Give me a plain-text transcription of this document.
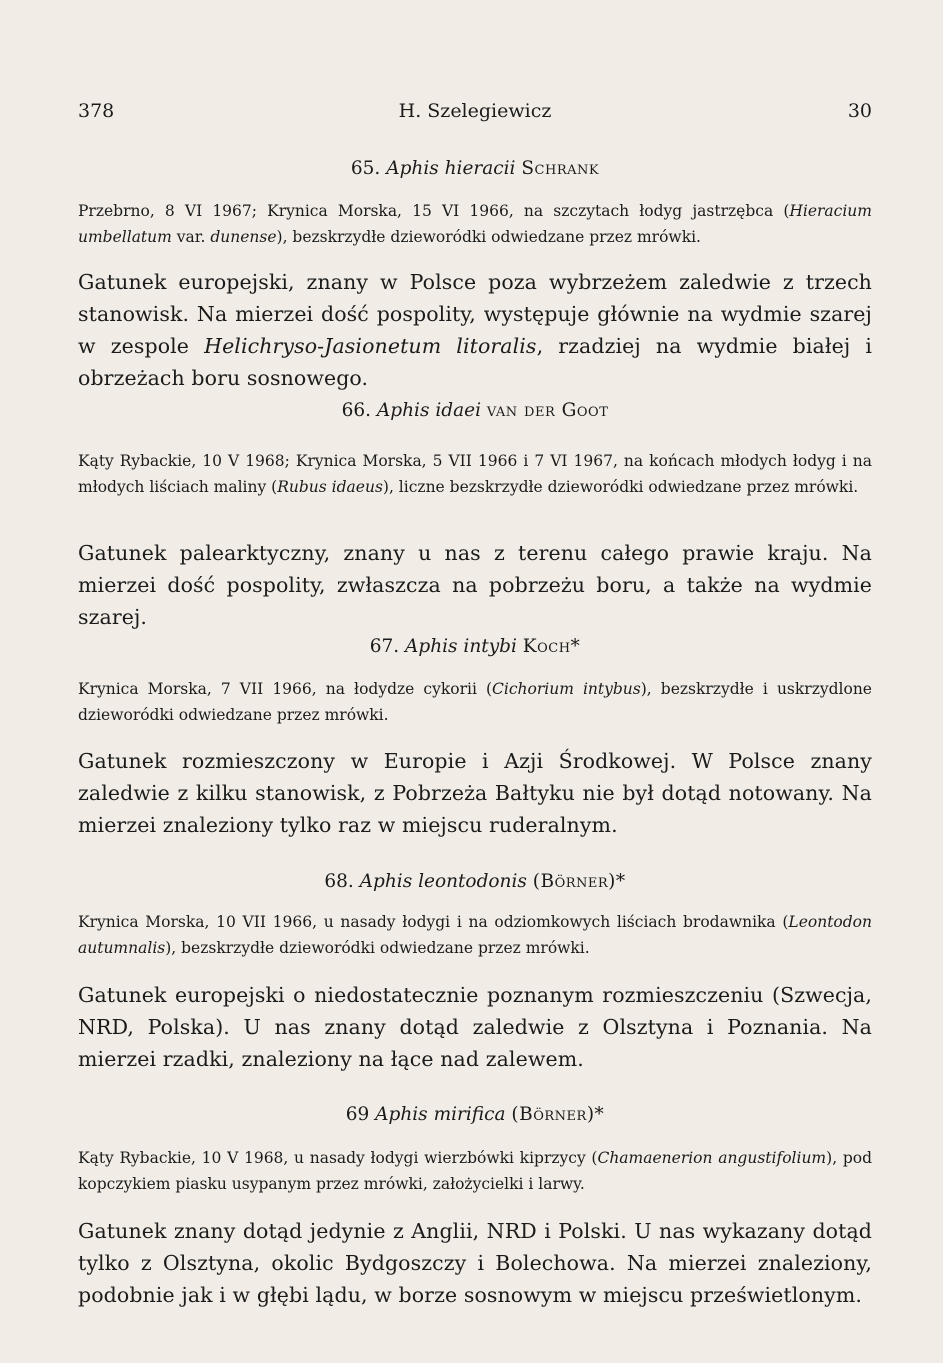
378	H. Szelegiewicz	30
65. Aphis hieracii Schrank
Przebrno, 8 VI 1967; Krynica Morska, 15 VI 1966, na szczytach łodyg jastrzębca (Hieracium umbellatum var. dunense), bezskrzydłe dzieworódki odwiedzane przez mrówki.
Gatunek europejski, znany w Polsce poza wybrzeżem zaledwie z trzech stanowisk. Na mierzei dość pospolity, występuje głównie na wydmie szarej w zespole Helichryso-Jasionetum litoralis, rzadziej na wydmie białej i obrzeżach boru sosnowego.
66. Aphis idaei van der Goot
Kąty Rybackie, 10 V 1968; Krynica Morska, 5 VII 1966 i 7 VI 1967, na końcach młodych łodyg i na młodych liściach maliny (Rubus idaeus), liczne bezskrzydłe dzieworódki odwiedzane przez mrówki.
Gatunek palearktyczny, znany u nas z terenu całego prawie kraju. Na mierzei dość pospolity, zwłaszcza na pobrzeżu boru, a także na wydmie szarej.
67. Aphis intybi Koch*
Krynica Morska, 7 VII 1966, na łodydze cykorii (Cichorium intybus), bezskrzydłe i uskrzydlone dzieworódki odwiedzane przez mrówki.
Gatunek rozmieszczony w Europie i Azji Środkowej. W Polsce znany zaledwie z kilku stanowisk, z Pobrzeża Bałtyku nie był dotąd notowany. Na mierzei znaleziony tylko raz w miejscu ruderalnym.
68. Aphis leontodonis (Börner)*
Krynica Morska, 10 VII 1966, u nasady łodygi i na odziomkowych liściach brodawnika (Leontodon autumnalis), bezskrzydłe dzieworódki odwiedzane przez mrówki.
Gatunek europejski o niedostatecznie poznanym rozmieszczeniu (Szwecja, NRD, Polska). U nas znany dotąd zaledwie z Olsztyna i Poznania. Na mierzei rzadki, znaleziony na łące nad zalewem.
69 Aphis mirifica (Börner)*
Kąty Rybackie, 10 V 1968, u nasady łodygi wierzbówki kiprzycy (Chamaenerion angustifolium), pod kopczykiem piasku usypanym przez mrówki, założycielki i larwy.
Gatunek znany dotąd jedynie z Anglii, NRD i Polski. U nas wykazany dotąd tylko z Olsztyna, okolic Bydgoszczy i Bolechowa. Na mierzei znaleziony, podobnie jak i w głębi lądu, w borze sosnowym w miejscu prześwietlonym.
